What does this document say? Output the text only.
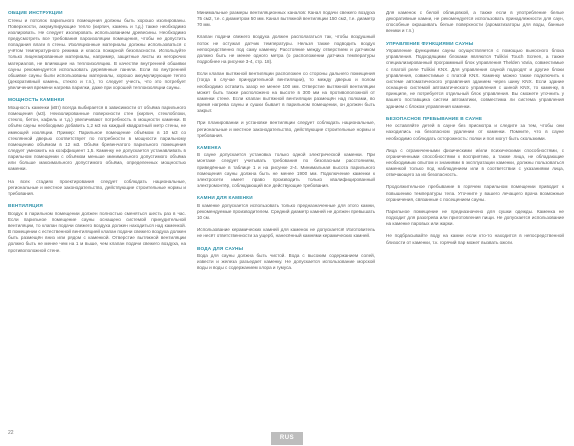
ОБЩИЕ ИНСТРУКЦИИ
Стены и потолок парильного помещения должны быть хорошо изолированы. Поверхности, аккумулирующие тепло (кирпич, камень и т.д.) также необходимо изолировать. Не следует изолировать использованием древесины. Необходимо предусмотреть все требования пароизоляции помещения, чтобы не допустить попадания влаги в стены. Изоляционные материалы должны использоваться с учётом температурного режима и класса пожарной безопасности. Используйте только лицензированные материалы, например, защитные листы из негорючих материалов, не влияющие на теплоизоляцию. В качестве внутренней обшивки сауны рекомендуется использовать деревянные панели. Если во внутренней обшивке сауны были использованы материалы, хорошо аккумулирующие тепло (декоративный камень, стекло и т.п.), то следует учесть, что это потребует увеличения времени нагрева парилки, даже при хорошей теплоизоляции сауны.
МОЩНОСТЬ КАМЕНКИ
Мощность каменки (кВт) всегда выбирается в зависимости от объёма парильного помещения (м3). Неизолированные поверхности стен (кирпич, стеклоблоки, стекло, бетон, кафель и т.д.) увеличивают потребность в мощности каменки. В объём сауны необходимо добавить 1,2 м3 на каждый квадратный метр стены, не имеющей изоляции. Пример: Парильное помещение объёмом в 10 м3 со стеклянной дверью соответствует по потребности в мощности парильному помещению объёмом в 12 м3. Объём бревенчатого парильного помещения следует умножить на коэффициент 1,5. Каменку не допускается устанавливать в парильном помещении с объёмом меньше минимального допустимого объёма или больше максимального допустимого объёма, определенных мощностью каменки.
На всех стадиях проектирования следует соблюдать национальные, региональные и местное законодательство, действующие строительные нормы и требования.
ВЕНТИЛЯЦИЯ
Воздух в парильном помещении должен полностью сменяться шесть раз в час. Если парильное помещение сауны оснащено системой принудительной вентиляции, то клапан подачи свежего воздуха должен находиться над каменкой. В помещении с естественной вентиляцией клапан подачи свежего воздуха должен быть размещён вниз или рядом с каменкой. Отверстие вытяжной вентиляции должно быть не менее чем на 1 м выше, чем клапан подачи свежего воздуха, на противоположной стене.
Минимальные размеры вентиляционных каналов: Канал подачи свежего воздуха 75 см2, т.е. с диаметром 50 мм. Канал вытяжной вентиляции 150 см2, т.е. диаметр 70 мм.
Клапан подачи свежего воздуха должен располагаться так, чтобы воздушный поток не остужал датчик температуры. Нельзя также подводить воздух непосредственно под саму каменку. Расстояние между отверстием и датчиком должно быть не менее одного метра (о расположении датчика температуры подробнее на рисунке 3-4, стр. 18).
Если клапан вытяжной вентиляции расположен со стороны дальнего помещения (тогда в случае принудительной вентиляции), то между дверью и полом необходимо оставить зазор не менее 100 мм. Отверстие вытяжной вентиляции может быть также расположено на высоте в 300 мм на противоположной от каменки стене. Если клапан вытяжной вентиляции размещён над полками, во время нагрева сауны и сушки бывает в парильном помещении, он должен быть закрыт.
При планировании и установке вентиляции следует соблюдать национальные, региональные и местное законодательство, действующие строительные нормы и требования.
КАМЕНКА
В сауне допускается установка только одной электрической каменки. При монтаже следует учитывать требования по безопасным расстояниям, приведённые в таблице 1 и на рисунке 2-4. Минимальная высота парильного помещения сауны должна быть не менее 1900 мм. Подключение каменки к электросети имеет право производить только квалифицированный электромонтёр, соблюдающий все действующие требования.
КАМНИ ДЛЯ КАМЕНКИ
В каменке допускается использовать только предназначенные для этого камни, рекомендуемые производителем. Средний диаметр камней не должен превышать 10 см.
Использование керамических камней для каменок не допускается! Изготовитель не несёт ответственности за ущерб, нанесённый камнями керамических камней.
ВОДА ДЛЯ САУНЫ
Вода для сауны должна быть чистой. Вода с высоким содержанием солей, извести и железа разъедает каменку. Не допускается использование морской воды и воды с содержанием хлора и гумуса.
Для каменок с белой облицовкой, а также если в употребление белые декоративные камни, не рекомендуется использовать принадлежности для саун, способные окрашивать белые поверхности (ароматизаторы для воды, банные веники и т.п.)
УПРАВЛЕНИЕ ФУНКЦИЯМИ САУНЫ
Управление функциями сауны осуществляется с помощью выносного блока управления. Подходящими блоками являются Tulikivi Touch Screen, а также специализированный программный блок управления Thelden Varia, совместимые с платой реле Tulikivi KNX. Для управления сауной подходят и другие блоки управления, совместимые с платой KNX. Каменку можно также подключить к системе автоматического управления зданием через шину KNX. Если здание оснащено системой автоматического управления с шиной KNX, то каменку, в принципе, не потребуется отдельный блок управления. Вы сможете уточнить у вашего поставщика систем автоматики, совместима ли система управления зданием с блоком управления каменки.
БЕЗОПАСНОЕ ПРЕБЫВАНИЕ В САУНЕ
Не оставляйте детей в сауне без присмотра и следите за тем, чтобы они находились на безопасном удалении от каменки. Помните, что в сауне необходимо соблюдать осторожность: полки и пол могут быть скользкими.
Лица с ограниченными физическими и/или психическими способностями, с ограниченными способностями к восприятию, а также лица, не обладающие необходимым опытом и знаниями в эксплуатации каменки, должны пользоваться каменкой только под наблюдением или в соответствии с указаниями лица, отвечающего за их безопасность.
Продолжительное пребывание в горячем парильном помещении приводит к повышению температуры тела. Уточните у вашего лечащего врача возможные ограничения, связанные с посещением сауны.
Парильное помещение не предназначено для сушки одежды. Каменка не подходит для разогрева или приготовления пищи. Не допускается использование на каменке паровых или жарки.
Не подбрасывайте воду на камни если кто-то находится в непосредственной близости от каменки, т.к. горячий пар может вызвать ожоги.
22
RUS
